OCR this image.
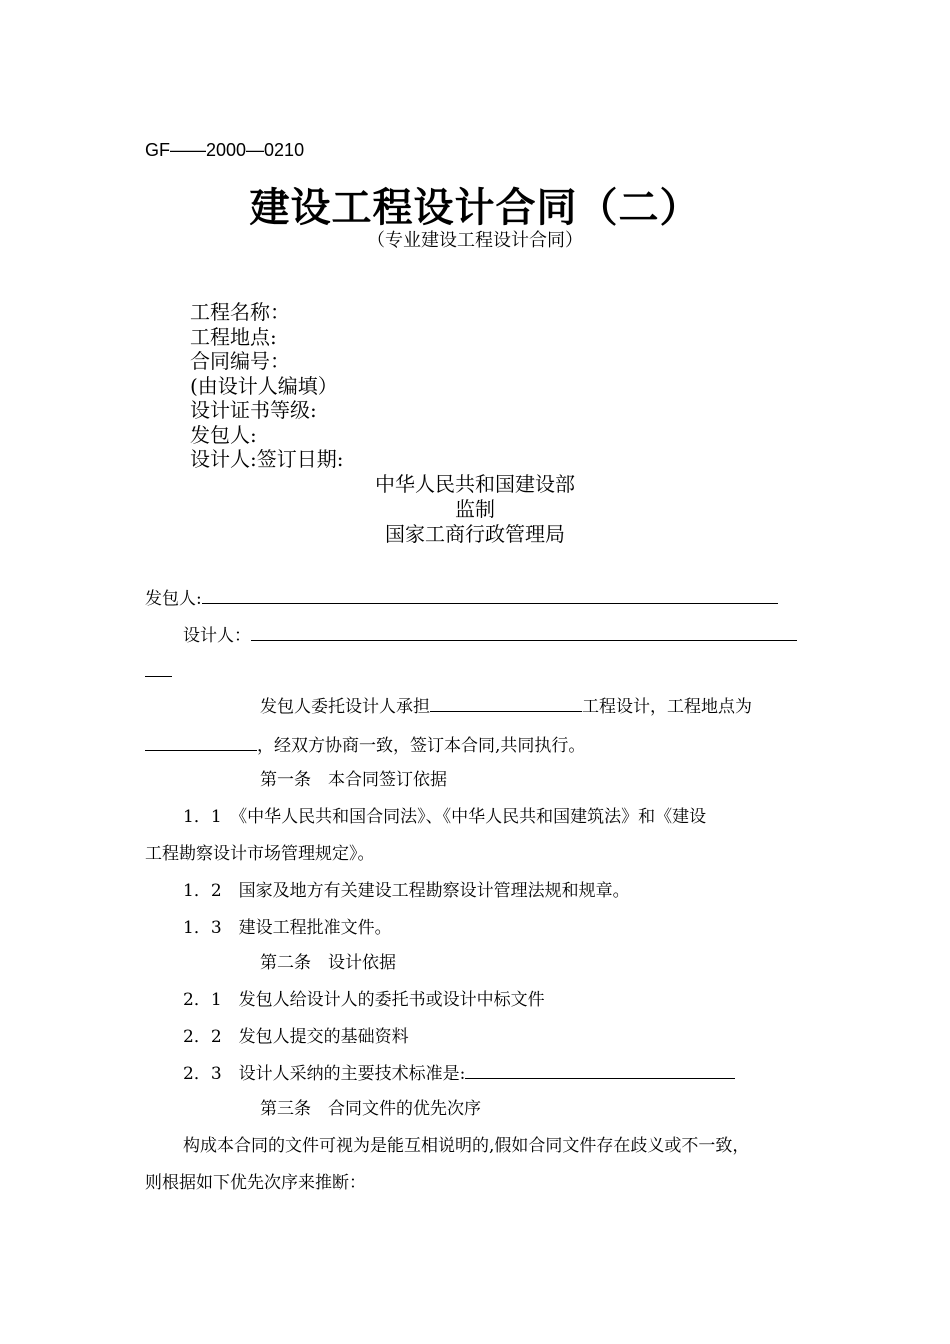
GF——2000—0210
建设工程设计合同（二）
（专业建设工程设计合同）
工程名称：
工程地点:
合同编号：
(由设计人编填）
设计证书等级:
发包人:
设计人:签订日期:
中华人民共和国建设部
监制
国家工商行政管理局
发包人:
设计人：
发包人委托设计人承担	工程设计，工程地点为
，经双方协商一致，签订本合同,共同执行。
第一条　本合同签订依据
1．1　《中华人民共和国合同法》、《中华人民共和国建筑法》和《建设
工程勘察设计市场管理规定》。
1．2　国家及地方有关建设工程勘察设计管理法规和规章。
1．3　建设工程批准文件。
第二条　设计依据
2．1　发包人给设计人的委托书或设计中标文件
2．2　发包人提交的基础资料
2．3　设计人采纳的主要技术标准是:
第三条　合同文件的优先次序
构成本合同的文件可视为是能互相说明的,假如合同文件存在歧义或不一致，
则根据如下优先次序来推断：
